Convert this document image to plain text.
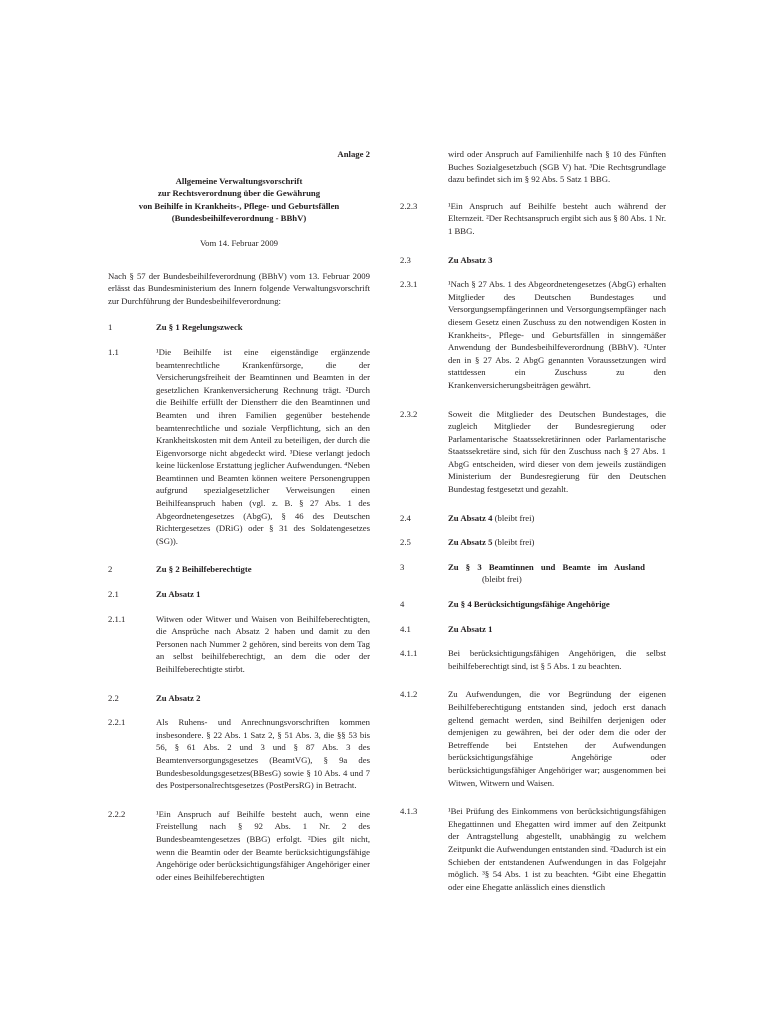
Anlage 2
Allgemeine Verwaltungsvorschrift
zur Rechtsverordnung über die Gewährung
von Beihilfe in Krankheits-, Pflege- und Geburtsfällen
(Bundesbeihilfeverordnung - BBhV)
Vom 14. Februar 2009
Nach § 57 der Bundesbeihilfeverordnung (BBhV) vom 13. Februar 2009 erlässt das Bundesministerium des Innern folgende Verwaltungsvorschrift zur Durchführung der Bundesbeihilfeverordnung:
1	Zu § 1 Regelungszweck
1.1	¹Die Beihilfe ist eine eigenständige ergänzende beamtenrechtliche Krankenfürsorge, die der Versicherungsfreiheit der Beamtinnen und Beamten in der gesetzlichen Krankenversicherung Rechnung trägt. ²Durch die Beihilfe erfüllt der Dienstherr die den Beamtinnen und Beamten und ihren Familien gegenüber bestehende beamtenrechtliche und soziale Verpflichtung, sich an den Krankheitskosten mit dem Anteil zu beteiligen, der durch die Eigenvorsorge nicht abgedeckt wird. ³Diese verlangt jedoch keine lückenlose Erstattung jeglicher Aufwendungen. ⁴Neben Beamtinnen und Beamten können weitere Personengruppen aufgrund spezialgesetzlicher Verweisungen einen Beihilfeanspruch haben (vgl. z. B. § 27 Abs. 1 des Abgeordnetengesetzes (AbgG), § 46 des Deutschen Richtergesetzes (DRiG) oder § 31 des Soldatengesetzes (SG)).
2	Zu § 2 Beihilfeberechtigte
2.1	Zu Absatz 1
2.1.1	Witwen oder Witwer und Waisen von Beihilfeberechtigten, die Ansprüche nach Absatz 2 haben und damit zu den Personen nach Nummer 2 gehören, sind bereits von dem Tag an selbst beihilfeberechtigt, an dem die oder der Beihilfeberechtigte stirbt.
2.2	Zu Absatz 2
2.2.1	Als Ruhens- und Anrechnungsvorschriften kommen insbesondere. § 22 Abs. 1 Satz 2, § 51 Abs. 3, die §§ 53 bis 56, § 61 Abs. 2 und 3 und § 87 Abs. 3 des Beamtenversorgungsgesetzes (BeamtVG), § 9a des Bundesbesoldungsgesetzes(BBesG) sowie § 10 Abs. 4 und 7 des Postpersonalrechtsgesetzes (PostPersRG) in Betracht.
2.2.2	¹Ein Anspruch auf Beihilfe besteht auch, wenn eine Freistellung nach § 92 Abs. 1 Nr. 2 des Bundesbeamtengesetzes (BBG) erfolgt. ²Dies gilt nicht, wenn die Beamtin oder der Beamte berücksichtigungsfähige Angehörige oder berücksichtigungsfähiger Angehöriger einer oder eines Beihilfeberechtigten
wird oder Anspruch auf Familienhilfe nach § 10 des Fünften Buches Sozialgesetzbuch (SGB V) hat. ³Die Rechtsgrundlage dazu befindet sich im § 92 Abs. 5 Satz 1 BBG.
2.2.3	¹Ein Anspruch auf Beihilfe besteht auch während der Elternzeit. ²Der Rechtsanspruch ergibt sich aus § 80 Abs. 1 Nr. 1 BBG.
2.3	Zu Absatz 3
2.3.1	¹Nach § 27 Abs. 1 des Abgeordnetengesetzes (AbgG) erhalten Mitglieder des Deutschen Bundestages und Versorgungsempfängerinnen und Versorgungsempfänger nach diesem Gesetz einen Zuschuss zu den notwendigen Kosten in Krankheits-, Pflege- und Geburtsfällen in sinngemäßer Anwendung der Bundesbeihilfeverordnung (BBhV). ²Unter den in § 27 Abs. 2 AbgG genannten Voraussetzungen wird stattdessen ein Zuschuss zu den Krankenversicherungsbeiträgen gewährt.
2.3.2	Soweit die Mitglieder des Deutschen Bundestages, die zugleich Mitglieder der Bundesregierung oder Parlamentarische Staatssekretärinnen oder Parlamentarische Staatssekretäre sind, sich für den Zuschuss nach § 27 Abs. 1 AbgG entscheiden, wird dieser von dem jeweils zuständigen Ministerium der Bundesregierung für den Deutschen Bundestag festgesetzt und gezahlt.
2.4	Zu Absatz 4 (bleibt frei)
2.5	Zu Absatz 5 (bleibt frei)
3	Zu § 3 Beamtinnen und Beamte im Ausland
(bleibt frei)
4	Zu § 4 Berücksichtigungsfähige Angehörige
4.1	Zu Absatz 1
4.1.1	Bei berücksichtigungsfähigen Angehörigen, die selbst beihilfeberechtigt sind, ist § 5 Abs. 1 zu beachten.
4.1.2	Zu Aufwendungen, die vor Begründung der eigenen Beihilfeberechtigung entstanden sind, jedoch erst danach geltend gemacht werden, sind Beihilfen derjenigen oder demjenigen zu gewähren, bei der oder dem die oder der Betreffende bei Entstehen der Aufwendungen berücksichtigungsfähige Angehörige oder berücksichtigungsfähiger Angehöriger war; ausgenommen bei Witwen, Witwern und Waisen.
4.1.3	¹Bei Prüfung des Einkommens von berücksichtigungsfähigen Ehegattinnen und Ehegatten wird immer auf den Zeitpunkt der Antragstellung abgestellt, unabhängig zu welchem Zeitpunkt die Aufwendungen entstanden sind. ²Dadurch ist ein Schieben der entstandenen Aufwendungen in das Folgejahr möglich. ³§ 54 Abs. 1 ist zu beachten. ⁴Gibt eine Ehegattin oder eine Ehegatte anlässlich eines dienstlich
